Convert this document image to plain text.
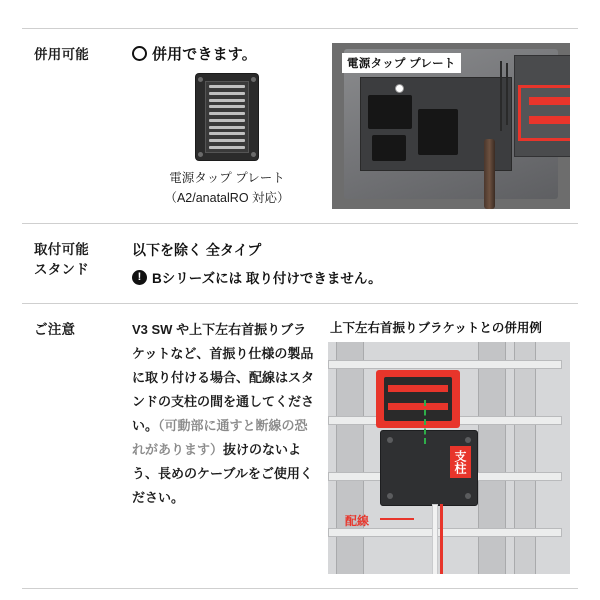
併用可能	併用できます。
電源タップ プレート
（A2/anatalRO 対応）
電源タップ プレート
取付可能
スタンド
以下を除く 全タイプ
! Bシリーズには 取り付けできません。
ご注意	V3 SW や上下左右首振りブラケットなど、首振り仕様の製品に取り付ける場合、配線はスタンドの支柱の間を通してください。（可動部に通すと断線の恐れがあります）抜けのないよう、長めのケーブルをご使用ください。
上下左右首振りブラケットとの併用例
支柱
配線
